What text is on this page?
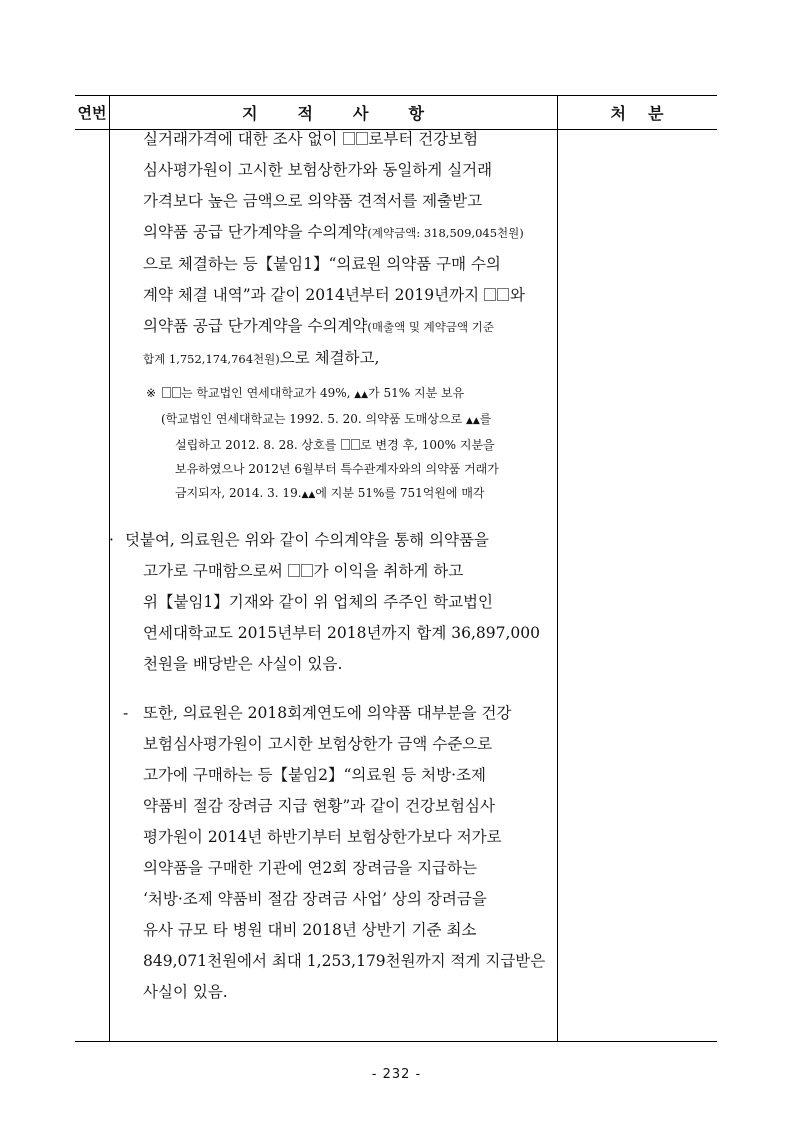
연번	지적사항	처분

실거래가격에 대한 조사 없이 로부터 건강보험

심사평가원이 고시한 보험상한가와 동일하게 실거래

가격보다 높은 금액으로 의약품 견적서를 제출받고

의약품 공급 단가계약을 수의계약(계약금액: 318,509,045천원)

으로 체결하는 등【붙임1】“의료원 의약품 구매 수의

계약 체결 내역”과 같이 2014년부터 2019년까지 와

의약품 공급 단가계약을 수의계약(매출액 및 계약금액 기준

합계 1,752,174,764천원)으로 체결하고,

※	는 학교법인 연세대학교가 49%, ▲▲가 51% 지분 보유

(학교법인 연세대학교는 1992. 5. 20. 의약품 도매상으로 ▲▲를

설립하고 2012. 8. 28. 상호를 로 변경 후, 100% 지분을

보유하였으나 2012년 6월부터 특수관계자와의 의약품 거래가

금지되자, 2014. 3. 19.▲▲에 지분 51%를 751억원에 매각

· 덧붙여, 의료원은 위와 같이 수의계약을 통해 의약품을

고가로 구매함으로써 가 이익을 취하게 하고

위【붙임1】기재와 같이 위 업체의 주주인 학교법인

연세대학교도 2015년부터 2018년까지 합계 36,897,000

천원을 배당받은 사실이 있음.

- 또한, 의료원은 2018회계연도에 의약품 대부분을 건강

보험심사평가원이 고시한 보험상한가 금액 수준으로

고가에 구매하는 등【붙임2】“의료원 등 처방·조제

약품비 절감 장려금 지급 현황”과 같이 건강보험심사

평가원이 2014년 하반기부터 보험상한가보다 저가로

의약품을 구매한 기관에 연2회 장려금을 지급하는

‘처방·조제 약품비 절감 장려금 사업’ 상의 장려금을

유사 규모 타 병원 대비 2018년 상반기 기준 최소

849,071천원에서 최대 1,253,179천원까지 적게 지급받은

사실이 있음.

- 232 -
